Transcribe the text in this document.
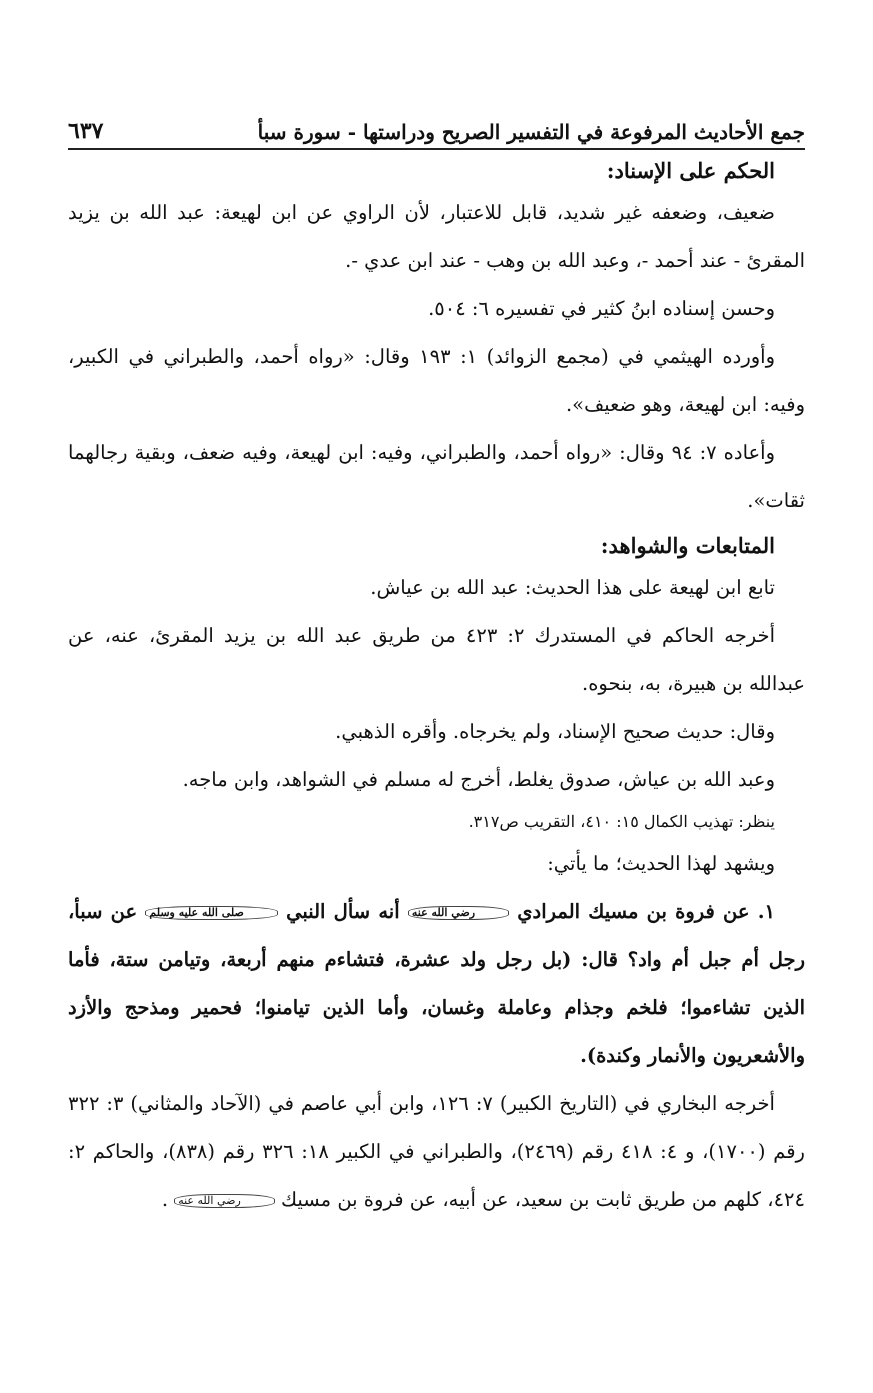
جمع الأحاديث المرفوعة في التفسير الصريح ودراستها - سورة سبأ
٦٣٧
الحكم على الإسناد:

ضعيف، وضعفه غير شديد، قابل للاعتبار، لأن الراوي عن ابن لهيعة: عبد الله بن يزيد المقرئ - عند أحمد -، وعبد الله بن وهب - عند ابن عدي -.

وحسن إسناده ابنُ كثير في تفسيره ٦: ٥٠٤.

وأورده الهيثمي في (مجمع الزوائد) ١: ١٩٣ وقال: «رواه أحمد، والطبراني في الكبير، وفيه: ابن لهيعة، وهو ضعيف».

وأعاده ٧: ٩٤ وقال: «رواه أحمد، والطبراني، وفيه: ابن لهيعة، وفيه ضعف، وبقية رجالهما ثقات».

المتابعات والشواهد:

تابع ابن لهيعة على هذا الحديث: عبد الله بن عياش.

أخرجه الحاكم في المستدرك ٢: ٤٢٣ من طريق عبد الله بن يزيد المقرئ، عنه، عن عبدالله بن هبيرة، به، بنحوه.

وقال: حديث صحيح الإسناد، ولم يخرجاه. وأقره الذهبي.

وعبد الله بن عياش، صدوق يغلط، أخرج له مسلم في الشواهد، وابن ماجه.

ينظر: تهذيب الكمال ١٥: ٤١٠، التقريب ص٣١٧.

ويشهد لهذا الحديث؛ ما يأتي:

١. عن فروة بن مسيك المرادي رضي الله عنه أنه سأل النبي صلى الله عليه وسلم عن سبأ، رجل أم جبل أم واد؟ قال: (بل رجل ولد عشرة، فتشاءم منهم أربعة، وتيامن ستة، فأما الذين تشاءموا؛ فلخم وجذام وعاملة وغسان، وأما الذين تيامنوا؛ فحمير ومذحج والأزد والأشعريون والأنمار وكندة).

أخرجه البخاري في (التاريخ الكبير) ٧: ١٢٦، وابن أبي عاصم في (الآحاد والمثاني) ٣: ٣٢٢ رقم (١٧٠٠)، و ٤: ٤١٨ رقم (٢٤٦٩)، والطبراني في الكبير ١٨: ٣٢٦ رقم (٨٣٨)، والحاكم ٢: ٤٢٤، كلهم من طريق ثابت بن سعيد، عن أبيه، عن فروة بن مسيك رضي الله عنه .
